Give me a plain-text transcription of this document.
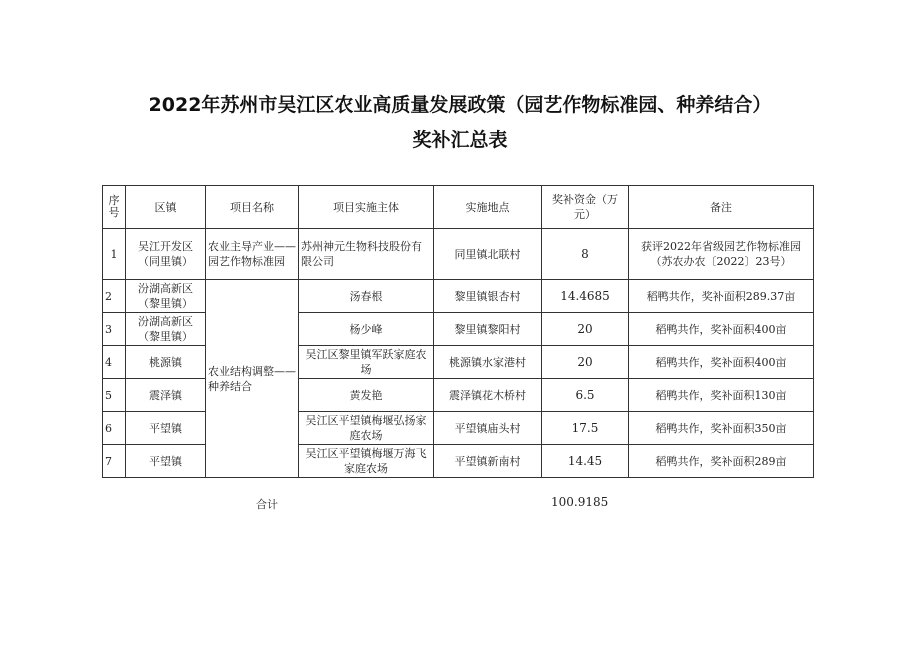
2022年苏州市吴江区农业高质量发展政策（园艺作物标准园、种养结合）
奖补汇总表
序号	区镇	项目名称	项目实施主体	实施地点	奖补资金（万元）	备注
1	吴江开发区（同里镇）	农业主导产业——园艺作物标准园	苏州神元生物科技股份有限公司	同里镇北联村	8	获评2022年省级园艺作物标准园（苏农办农〔2022〕23号）
2	汾湖高新区（黎里镇）	农业结构调整——种养结合	汤春根	黎里镇银杏村	14.4685	稻鸭共作，奖补面积289.37亩
3	汾湖高新区（黎里镇）		杨少峰	黎里镇黎阳村	20	稻鸭共作，奖补面积400亩
4	桃源镇		吴江区黎里镇军跃家庭农场	桃源镇水家港村	20	稻鸭共作，奖补面积400亩
5	震泽镇		黄发艳	震泽镇花木桥村	6.5	稻鸭共作，奖补面积130亩
6	平望镇		吴江区平望镇梅堰弘扬家庭农场	平望镇庙头村	17.5	稻鸭共作，奖补面积350亩
7	平望镇		吴江区平望镇梅堰万海飞家庭农场	平望镇新南村	14.45	稻鸭共作，奖补面积289亩
合计	100.9185
